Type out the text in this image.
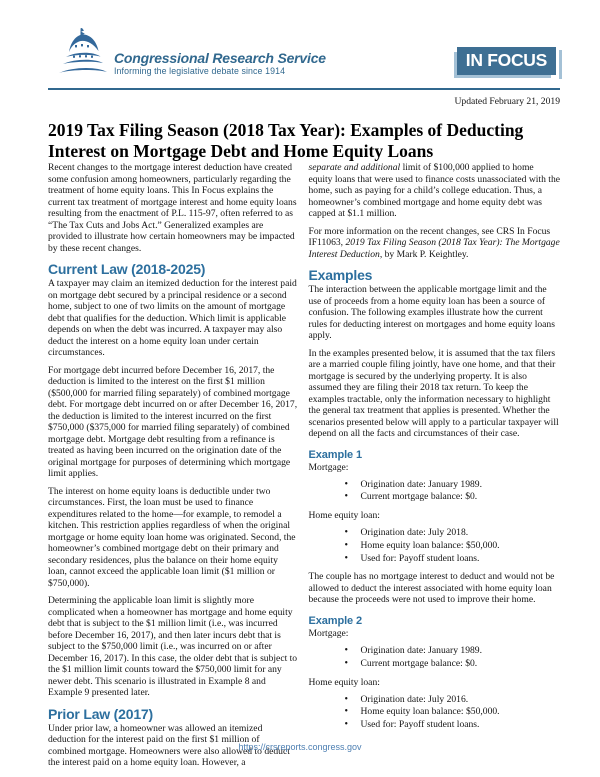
Congressional Research Service
Informing the legislative debate since 1914
IN FOCUS
Updated February 21, 2019
2019 Tax Filing Season (2018 Tax Year): Examples of Deducting
Interest on Mortgage Debt and Home Equity Loans

Recent changes to the mortgage interest deduction have created some confusion among homeowners, particularly regarding the treatment of home equity loans. This In Focus explains the current tax treatment of mortgage interest and home equity loans resulting from the enactment of P.L. 115-97, often referred to as “The Tax Cuts and Jobs Act.” Generalized examples are provided to illustrate how certain homeowners may be impacted by these recent changes.

Current Law (2018-2025)

A taxpayer may claim an itemized deduction for the interest paid on mortgage debt secured by a principal residence or a second home, subject to one of two limits on the amount of mortgage debt that qualifies for the deduction. Which limit is applicable depends on when the debt was incurred. A taxpayer may also deduct the interest on a home equity loan under certain circumstances.

For mortgage debt incurred before December 16, 2017, the deduction is limited to the interest on the first $1 million ($500,000 for married filing separately) of combined mortgage debt. For mortgage debt incurred on or after December 16, 2017, the deduction is limited to the interest incurred on the first $750,000 ($375,000 for married filing separately) of combined mortgage debt. Mortgage debt resulting from a refinance is treated as having been incurred on the origination date of the original mortgage for purposes of determining which mortgage limit applies.

The interest on home equity loans is deductible under two circumstances. First, the loan must be used to finance expenditures related to the home—for example, to remodel a kitchen. This restriction applies regardless of when the original mortgage or home equity loan home was originated. Second, the homeowner’s combined mortgage debt on their primary and secondary residences, plus the balance on their home equity loan, cannot exceed the applicable loan limit ($1 million or $750,000).

Determining the applicable loan limit is slightly more complicated when a homeowner has mortgage and home equity debt that is subject to the $1 million limit (i.e., was incurred before December 16, 2017), and then later incurs debt that is subject to the $750,000 limit (i.e., was incurred on or after December 16, 2017). In this case, the older debt that is subject to the $1 million limit counts toward the $750,000 limit for any newer debt. This scenario is illustrated in Example 8 and Example 9 presented later.

Prior Law (2017)

Under prior law, a homeowner was allowed an itemized deduction for the interest paid on the first $1 million of combined mortgage. Homeowners were also allowed to deduct the interest paid on a home equity loan. However, a

separate and additional limit of $100,000 applied to home equity loans that were used to finance costs unassociated with the home, such as paying for a child’s college education. Thus, a homeowner’s combined mortgage and home equity debt was capped at $1.1 million.

For more information on the recent changes, see CRS In Focus IF11063, 2019 Tax Filing Season (2018 Tax Year): The Mortgage Interest Deduction, by Mark P. Keightley.

Examples

The interaction between the applicable mortgage limit and the use of proceeds from a home equity loan has been a source of confusion. The following examples illustrate how the current rules for deducting interest on mortgages and home equity loans apply.

In the examples presented below, it is assumed that the tax filers are a married couple filing jointly, have one home, and that their mortgage is secured by the underlying property. It is also assumed they are filing their 2018 tax return. To keep the examples tractable, only the information necessary to highlight the general tax treatment that applies is presented. Whether the scenarios presented below will apply to a particular taxpayer will depend on all the facts and circumstances of their case.

Example 1

Mortgage:

• Origination date: January 1989.
• Current mortgage balance: $0.

Home equity loan:

• Origination date: July 2018.
• Home equity loan balance: $50,000.
• Used for: Payoff student loans.

The couple has no mortgage interest to deduct and would not be allowed to deduct the interest associated with home equity loan because the proceeds were not used to improve their home.

Example 2

Mortgage:

• Origination date: January 1989.
• Current mortgage balance: $0.

Home equity loan:

• Origination date: July 2016.
• Home equity loan balance: $50,000.
• Used for: Payoff student loans.
https://crsreports.congress.gov
